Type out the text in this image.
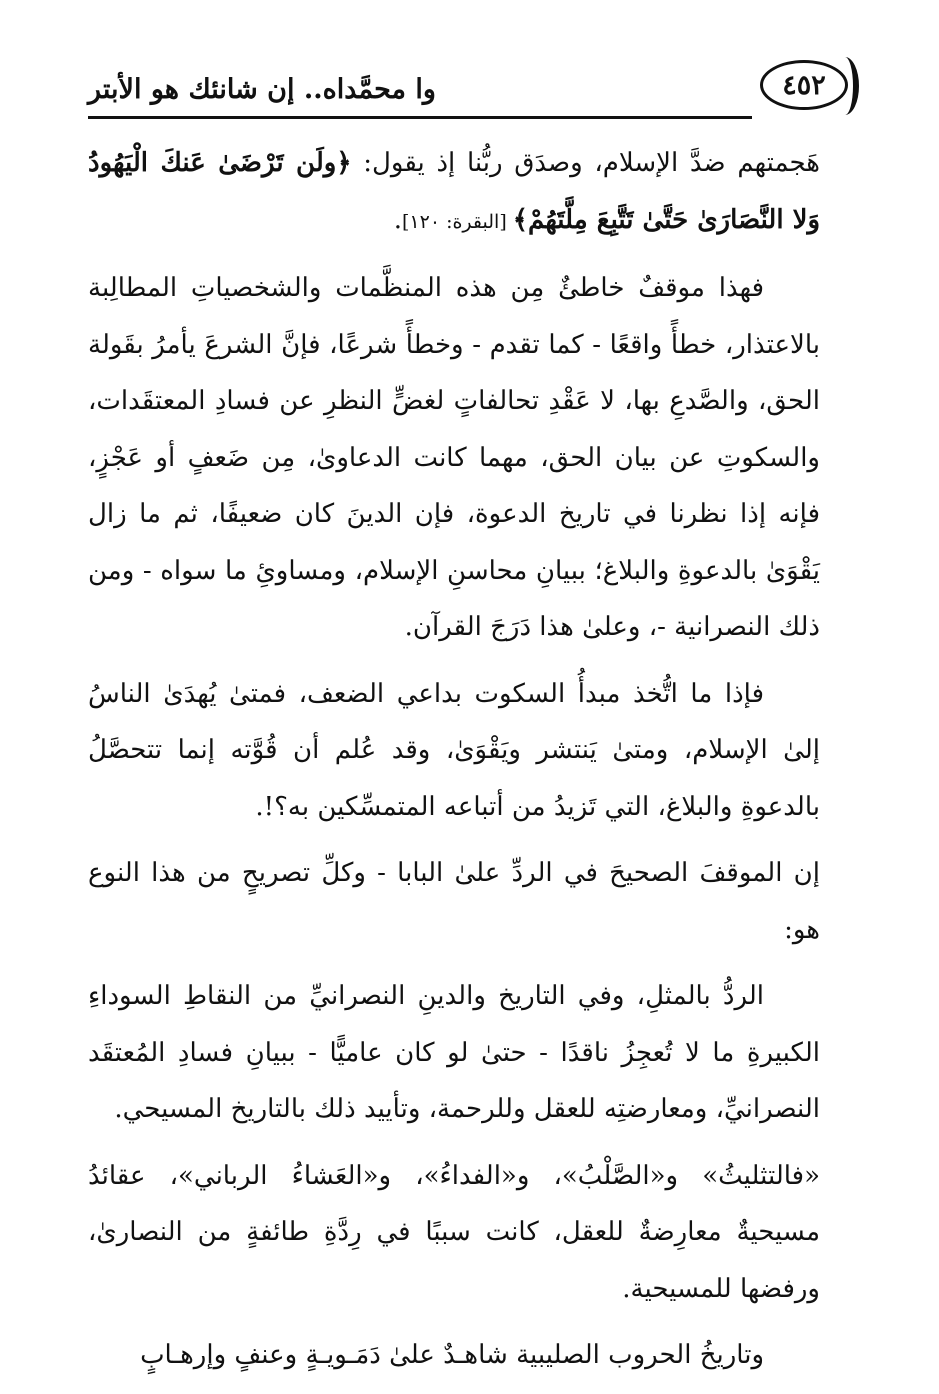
وا محمَّداه.. إن شانئك هو الأبتر	٤٥٢

هَجمتهم ضدَّ الإسلام، وصدَق ربُّنا إذ يقول: ﴿ولَن تَرْضَىٰ عَنكَ الْيَهُودُ وَلا النَّصَارَىٰ حَتَّىٰ تَتَّبِعَ مِلَّتَهُمْ﴾ [البقرة: ١٢٠].

فهذا موقفٌ خاطئٌ مِن هذه المنظَّمات والشخصياتِ المطالِبة بالاعتذار، خطأً واقعًا - كما تقدم - وخطأً شرعًا، فإنَّ الشرعَ يأمرُ بقَولة الحق، والصَّدعِ بها، لا عَقْدِ تحالفاتٍ لغضٍّ النظرِ عن فسادِ المعتقَدات، والسكوتِ عن بيان الحق، مهما كانت الدعاوىٰ، مِن ضَعفٍ أو عَجْزٍ، فإنه إذا نظرنا في تاريخ الدعوة، فإن الدينَ كان ضعيفًا، ثم ما زال يَقْوَىٰ بالدعوةِ والبلاغ؛ ببيانِ محاسنِ الإسلام، ومساوئِ ما سواه - ومن ذلك النصرانية -، وعلىٰ هذا دَرَجَ القرآن.

فإذا ما اتُّخذ مبدأُ السكوت بداعي الضعف، فمتىٰ يُهدَىٰ الناسُ إلىٰ الإسلام، ومتىٰ يَنتشر ويَقْوَىٰ، وقد عُلم أن قُوَّته إنما تتحصَّلُ بالدعوةِ والبلاغ، التي تَزيدُ من أتباعه المتمسِّكين به؟!.

إن الموقفَ الصحيحَ في الردِّ علىٰ البابا - وكلِّ تصريحٍ من هذا النوع هو:

الردُّ بالمثلِ، وفي التاريخ والدينِ النصرانيِّ من النقاطِ السوداءِ الكبيرةِ ما لا تُعجِزُ ناقدًا - حتىٰ لو كان عاميًّا - ببيانِ فسادِ المُعتقَد النصرانيِّ، ومعارضتِه للعقل وللرحمة، وتأييد ذلك بالتاريخ المسيحي.

«فالتثليثُ» و«الصَّلْبُ»، و«الفداءُ»، و«العَشاءُ الرباني»، عقائدُ مسيحيةٌ معارِضةٌ للعقل، كانت سببًا في رِدَّةِ طائفةٍ من النصارىٰ، ورفضها للمسيحية.

وتاريخُ الحروب الصليبية شاهـدٌ علىٰ دَمَـويـةٍ وعنفٍ وإرهـابٍ
